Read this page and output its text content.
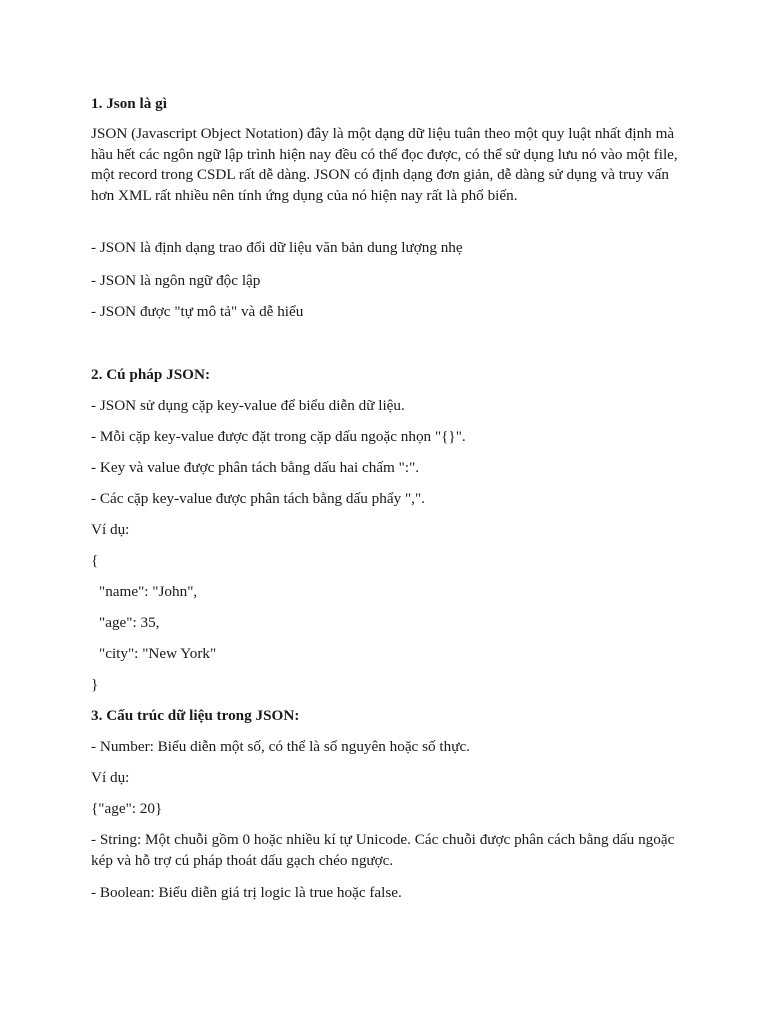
1. Json là gì

JSON (Javascript Object Notation) đây là một dạng dữ liệu tuân theo một quy luật nhất định mà hầu hết các ngôn ngữ lập trình hiện nay đều có thể đọc được, có thể sử dụng lưu nó vào một file, một record trong CSDL rất dễ dàng. JSON có định dạng đơn giản, dễ dàng sử dụng và truy vấn hơn XML rất nhiều nên tính ứng dụng của nó hiện nay rất là phổ biến.

- JSON là định dạng trao đổi dữ liệu văn bản dung lượng nhẹ

- JSON là ngôn ngữ độc lập

- JSON được "tự mô tả" và dễ hiểu

2. Cú pháp JSON:

- JSON sử dụng cặp key-value để biểu diễn dữ liệu.

- Mỗi cặp key-value được đặt trong cặp dấu ngoặc nhọn "{}".

- Key và value được phân tách bằng dấu hai chấm ":".

- Các cặp key-value được phân tách bằng dấu phẩy ",".

Ví dụ:

{

"name": "John",

"age": 35,

"city": "New York"

}

3. Cấu trúc dữ liệu trong JSON:

- Number: Biểu diễn một số, có thể là số nguyên hoặc số thực.

Ví dụ:

{"age": 20}

- String: Một chuỗi gồm 0 hoặc nhiều kí tự Unicode. Các chuỗi được phân cách bằng dấu ngoặc kép và hỗ trợ cú pháp thoát dấu gạch chéo ngược.

- Boolean: Biểu diễn giá trị logic là true hoặc false.
